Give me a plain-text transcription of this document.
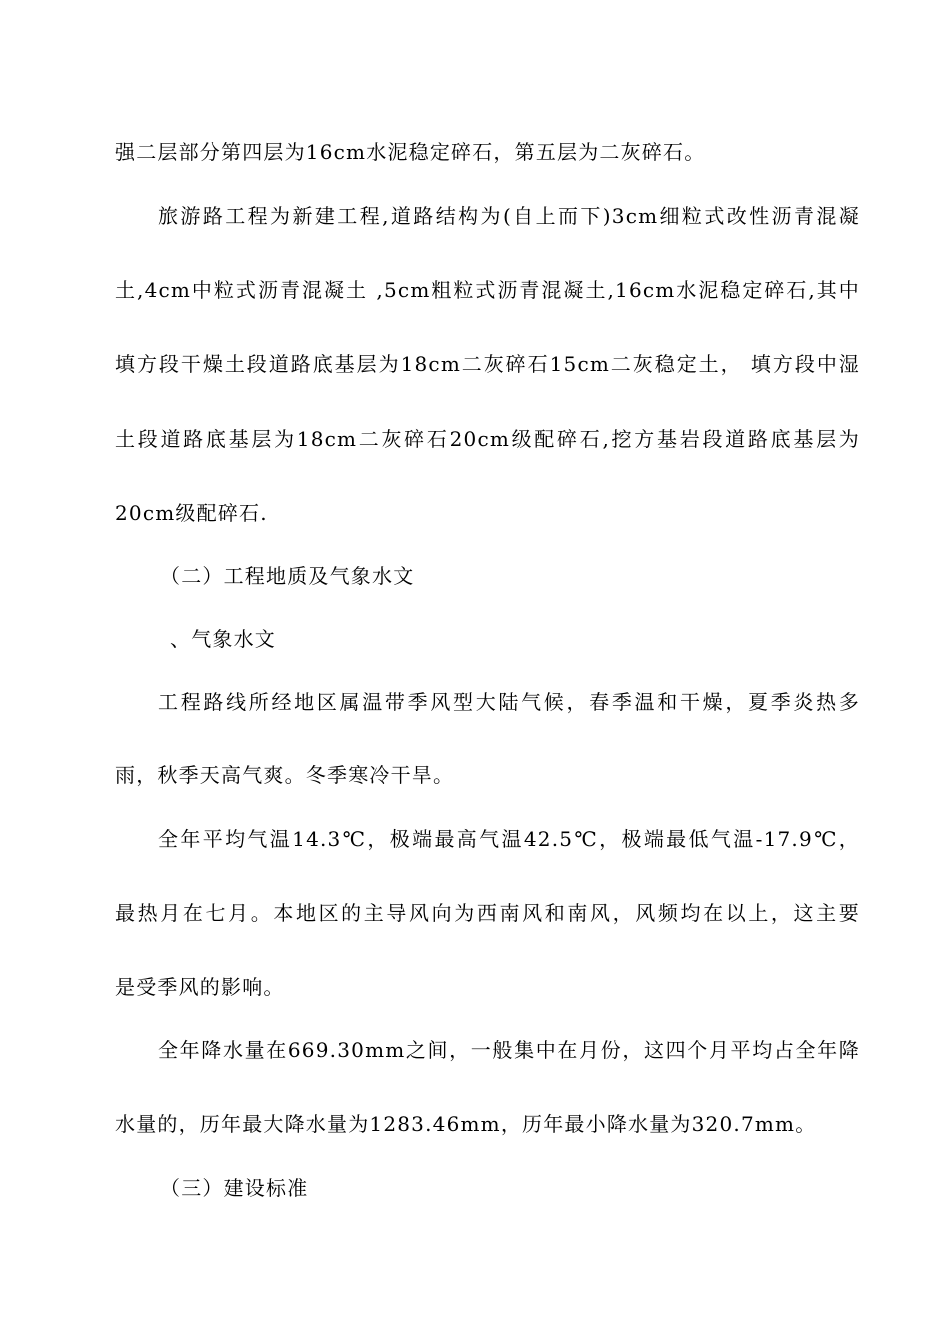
强二层部分第四层为16cm水泥稳定碎石，第五层为二灰碎石。
旅游路工程为新建工程,道路结构为(自上而下)3cm细粒式改性沥青混凝
土,4cm中粒式沥青混凝土 ,5cm粗粒式沥青混凝土,16cm水泥稳定碎石,其中
填方段干燥土段道路底基层为18cm二灰碎石15cm二灰稳定土， 填方段中湿
土段道路底基层为18cm二灰碎石20cm级配碎石,挖方基岩段道路底基层为
20cm级配碎石.
（二）工程地质及气象水文
、气象水文
工程路线所经地区属温带季风型大陆气候，春季温和干燥，夏季炎热多
雨，秋季天高气爽。冬季寒冷干旱。
全年平均气温14.3℃，极端最高气温42.5℃，极端最低气温-17.9℃，
最热月在七月。本地区的主导风向为西南风和南风，风频均在以上，这主要
是受季风的影响。
全年降水量在669.30mm之间，一般集中在月份，这四个月平均占全年降
水量的，历年最大降水量为1283.46mm，历年最小降水量为320.7mm。
（三）建设标准
